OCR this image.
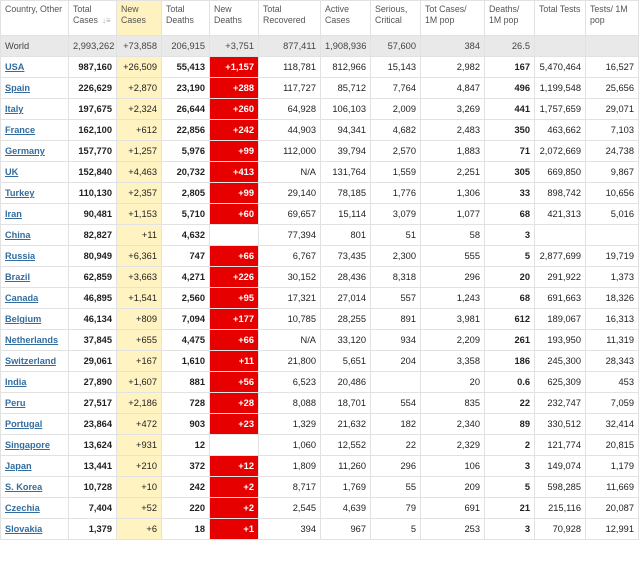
Country, Other	Total Cases ↓≡	New Cases	Total Deaths	New Deaths	Total Recovered	Active Cases	Serious, Critical	Tot Cases/ 1M pop	Deaths/ 1M pop	Total Tests	Tests/ 1M pop
World	2,993,262	+73,858	206,915	+3,751	877,411	1,908,936	57,600	384	26.5		
USA	987,160	+26,509	55,413	+1,157	118,781	812,966	15,143	2,982	167	5,470,464	16,527
Spain	226,629	+2,870	23,190	+288	117,727	85,712	7,764	4,847	496	1,199,548	25,656
Italy	197,675	+2,324	26,644	+260	64,928	106,103	2,009	3,269	441	1,757,659	29,071
France	162,100	+612	22,856	+242	44,903	94,341	4,682	2,483	350	463,662	7,103
Germany	157,770	+1,257	5,976	+99	112,000	39,794	2,570	1,883	71	2,072,669	24,738
UK	152,840	+4,463	20,732	+413	N/A	131,764	1,559	2,251	305	669,850	9,867
Turkey	110,130	+2,357	2,805	+99	29,140	78,185	1,776	1,306	33	898,742	10,656
Iran	90,481	+1,153	5,710	+60	69,657	15,114	3,079	1,077	68	421,313	5,016
China	82,827	+11	4,632		77,394	801	51	58	3		
Russia	80,949	+6,361	747	+66	6,767	73,435	2,300	555	5	2,877,699	19,719
Brazil	62,859	+3,663	4,271	+226	30,152	28,436	8,318	296	20	291,922	1,373
Canada	46,895	+1,541	2,560	+95	17,321	27,014	557	1,243	68	691,663	18,326
Belgium	46,134	+809	7,094	+177	10,785	28,255	891	3,981	612	189,067	16,313
Netherlands	37,845	+655	4,475	+66	N/A	33,120	934	2,209	261	193,950	11,319
Switzerland	29,061	+167	1,610	+11	21,800	5,651	204	3,358	186	245,300	28,343
India	27,890	+1,607	881	+56	6,523	20,486		20	0.6	625,309	453
Peru	27,517	+2,186	728	+28	8,088	18,701	554	835	22	232,747	7,059
Portugal	23,864	+472	903	+23	1,329	21,632	182	2,340	89	330,512	32,414
Singapore	13,624	+931	12		1,060	12,552	22	2,329	2	121,774	20,815
Japan	13,441	+210	372	+12	1,809	11,260	296	106	3	149,074	1,179
S. Korea	10,728	+10	242	+2	8,717	1,769	55	209	5	598,285	11,669
Czechia	7,404	+52	220	+2	2,545	4,639	79	691	21	215,116	20,087
Slovakia	1,379	+6	18	+1	394	967	5	253	3	70,928	12,991
